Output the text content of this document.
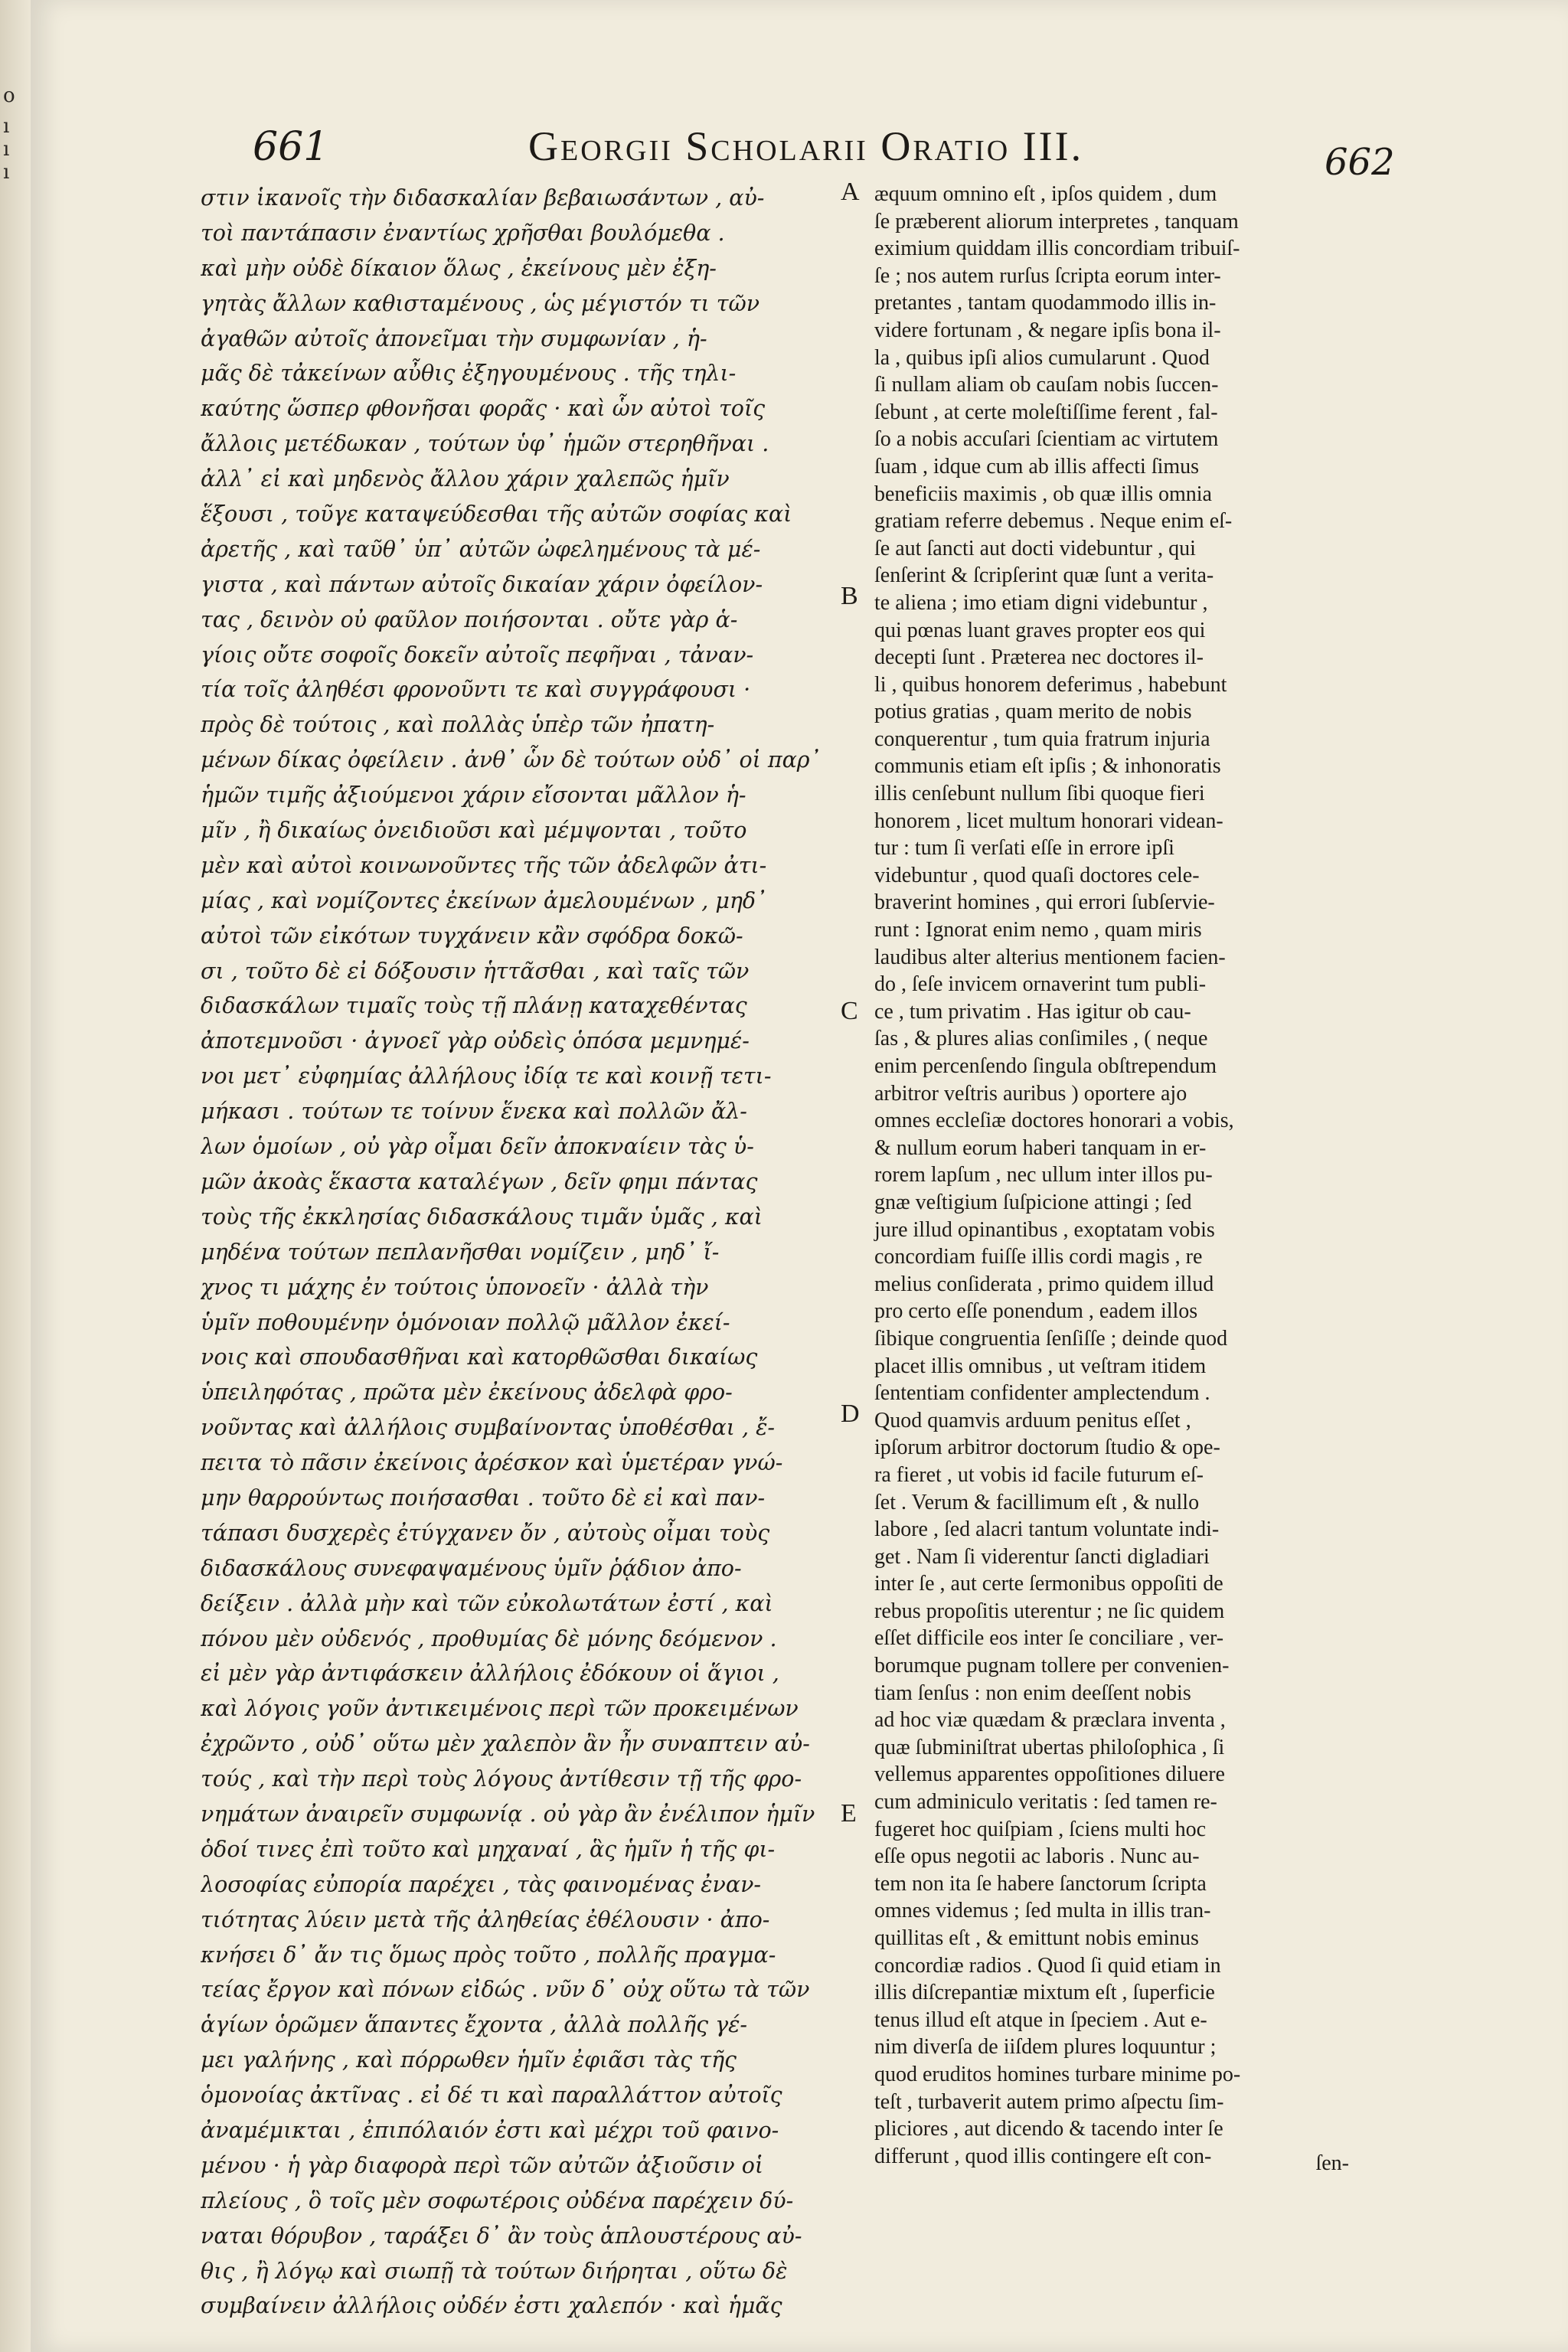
o
ı
ı
ı
661	Georgii Scholarii Oratio III.	662
στιν ἱκανοῖς τὴν διδασκαλίαν βεβαιωσάντων , αὐ-
τοὶ παντάπασιν ἐναντίως χρῆσθαι βουλόμεθα .
καὶ μὴν οὐδὲ δίκαιον ὅλως , ἐκείνους μὲν ἐξη-
γητὰς ἄλλων καθισταμένους , ὡς μέγιστόν τι τῶν
ἀγαθῶν αὐτοῖς ἀπονεῖμαι τὴν συμφωνίαν , ἡ-
μᾶς δὲ τἀκείνων αὖθις ἐξηγουμένους . τῆς τηλι-
καύτης ὥσπερ φθονῆσαι φορᾶς · καὶ ὧν αὐτοὶ τοῖς
ἄλλοις μετέδωκαν , τούτων ὑφ᾽ ἡμῶν στερηθῆναι .
ἀλλ᾽ εἰ καὶ μηδενὸς ἄλλου χάριν χαλεπῶς ἡμῖν
ἕξουσι , τοῦγε καταψεύδεσθαι τῆς αὐτῶν σοφίας καὶ
ἀρετῆς , καὶ ταῦθ᾽ ὑπ᾽ αὐτῶν ὠφελημένους τὰ μέ-
γιστα , καὶ πάντων αὐτοῖς δικαίαν χάριν ὀφείλον-
τας , δεινὸν οὐ φαῦλον ποιήσονται . οὔτε γὰρ ἁ-
γίοις οὔτε σοφοῖς δοκεῖν αὐτοῖς πεφῆναι , τἀναν-
τία τοῖς ἀληθέσι φρονοῦντι τε καὶ συγγράφουσι ·
πρὸς δὲ τούτοις , καὶ πολλὰς ὑπὲρ τῶν ἠπατη-
μένων δίκας ὀφείλειν . ἀνθ᾽ ὧν δὲ τούτων οὐδ᾽ οἱ παρ᾽
ἡμῶν τιμῆς ἀξιούμενοι χάριν εἴσονται μᾶλλον ἡ-
μῖν , ἢ δικαίως ὀνειδιοῦσι καὶ μέμψονται , τοῦτο
μὲν καὶ αὐτοὶ κοινωνοῦντες τῆς τῶν ἀδελφῶν ἀτι-
μίας , καὶ νομίζοντες ἐκείνων ἀμελουμένων , μηδ᾽
αὐτοὶ τῶν εἰκότων τυγχάνειν κἂν σφόδρα δοκῶ-
σι , τοῦτο δὲ εἰ δόξουσιν ἡττᾶσθαι , καὶ ταῖς τῶν
διδασκάλων τιμαῖς τοὺς τῇ πλάνῃ καταχεθέντας
ἀποτεμνοῦσι · ἀγνοεῖ γὰρ οὐδεὶς ὁπόσα μεμνημέ-
νοι μετ᾽ εὐφημίας ἀλλήλους ἰδίᾳ τε καὶ κοινῇ τετι-
μήκασι . τούτων τε τοίνυν ἕνεκα καὶ πολλῶν ἄλ-
λων ὁμοίων , οὐ γὰρ οἶμαι δεῖν ἀποκναίειν τὰς ὑ-
μῶν ἀκοὰς ἕκαστα καταλέγων , δεῖν φημι πάντας
τοὺς τῆς ἐκκλησίας διδασκάλους τιμᾶν ὑμᾶς , καὶ
μηδένα τούτων πεπλανῆσθαι νομίζειν , μηδ᾽ ἴ-
χνος τι μάχης ἐν τούτοις ὑπονοεῖν · ἀλλὰ τὴν
ὑμῖν ποθουμένην ὁμόνοιαν πολλῷ μᾶλλον ἐκεί-
νοις καὶ σπουδασθῆναι καὶ κατορθῶσθαι δικαίως
ὑπειληφότας , πρῶτα μὲν ἐκείνους ἀδελφὰ φρο-
νοῦντας καὶ ἀλλήλοις συμβαίνοντας ὑποθέσθαι , ἔ-
πειτα τὸ πᾶσιν ἐκείνοις ἀρέσκον καὶ ὑμετέραν γνώ-
μην θαρρούντως ποιήσασθαι . τοῦτο δὲ εἰ καὶ παν-
τάπασι δυσχερὲς ἐτύγχανεν ὄν , αὐτοὺς οἶμαι τοὺς
διδασκάλους συνεφαψαμένους ὑμῖν ῥᾴδιον ἀπο-
δείξειν . ἀλλὰ μὴν καὶ τῶν εὐκολωτάτων ἐστί , καὶ
πόνου μὲν οὐδενός , προθυμίας δὲ μόνης δεόμενον .
εἰ μὲν γὰρ ἀντιφάσκειν ἀλλήλοις ἐδόκουν οἱ ἅγιοι ,
καὶ λόγοις γοῦν ἀντικειμένοις περὶ τῶν προκειμένων
ἐχρῶντο , οὐδ᾽ οὕτω μὲν χαλεπὸν ἂν ἦν συναπτειν αὐ-
τούς , καὶ τὴν περὶ τοὺς λόγους ἀντίθεσιν τῇ τῆς φρο-
νημάτων ἀναιρεῖν συμφωνίᾳ . οὐ γὰρ ἂν ἐνέλιπον ἡμῖν
ὁδοί τινες ἐπὶ τοῦτο καὶ μηχαναί , ἃς ἡμῖν ἡ τῆς φι-
λοσοφίας εὐπορία παρέχει , τὰς φαινομένας ἐναν-
τιότητας λύειν μετὰ τῆς ἀληθείας ἐθέλουσιν · ἀπο-
κνήσει δ᾽ ἄν τις ὅμως πρὸς τοῦτο , πολλῆς πραγμα-
τείας ἔργον καὶ πόνων εἰδώς . νῦν δ᾽ οὐχ οὕτω τὰ τῶν
ἁγίων ὁρῶμεν ἅπαντες ἔχοντα , ἀλλὰ πολλῆς γέ-
μει γαλήνης , καὶ πόρρωθεν ἡμῖν ἐφιᾶσι τὰς τῆς
ὁμονοίας ἀκτῖνας . εἰ δέ τι καὶ παραλλάττον αὐτοῖς
ἀναμέμικται , ἐπιπόλαιόν ἐστι καὶ μέχρι τοῦ φαινο-
μένου · ἡ γὰρ διαφορὰ περὶ τῶν αὐτῶν ἀξιοῦσιν οἱ
πλείους , ὃ τοῖς μὲν σοφωτέροις οὐδένα παρέχειν δύ-
ναται θόρυβον , ταράξει δ᾽ ἂν τοὺς ἁπλουστέρους αὐ-
θις , ἢ λόγῳ καὶ σιωπῇ τὰ τούτων διήρηται , οὕτω δὲ
συμβαίνειν ἀλλήλοις οὐδέν ἐστι χαλεπόν · καὶ ἡμᾶς
A
B
C
D
E
æquum omnino eſt , ipſos quidem , dum
ſe præberent aliorum interpretes , tanquam
eximium quiddam illis concordiam tribuiſ-
ſe ; nos autem rurſus ſcripta eorum inter-
pretantes , tantam quodammodo illis in-
videre fortunam , & negare ipſis bona il-
la , quibus ipſi alios cumularunt . Quod
ſi nullam aliam ob cauſam nobis ſuccen-
ſebunt , at certe moleſtiſſime ferent , fal-
ſo a nobis accuſari ſcientiam ac virtutem
ſuam , idque cum ab illis affecti ſimus
beneficiis maximis , ob quæ illis omnia
gratiam referre debemus . Neque enim eſ-
ſe aut ſancti aut docti videbuntur , qui
ſenſerint & ſcripſerint quæ ſunt a verita-
te aliena ; imo etiam digni videbuntur ,
qui pœnas luant graves propter eos qui
decepti ſunt . Præterea nec doctores il-
li , quibus honorem deferimus , habebunt
potius gratias , quam merito de nobis
conquerentur , tum quia fratrum injuria
communis etiam eſt ipſis ; & inhonoratis
illis cenſebunt nullum ſibi quoque fieri
honorem , licet multum honorari videan-
tur : tum ſi verſati eſſe in errore ipſi
videbuntur , quod quaſi doctores cele-
braverint homines , qui errori ſubſervie-
runt : Ignorat enim nemo , quam miris
laudibus alter alterius mentionem facien-
do , ſeſe invicem ornaverint tum publi-
ce , tum privatim . Has igitur ob cau-
ſas , & plures alias conſimiles , ( neque
enim percenſendo ſingula obſtrependum
arbitror veſtris auribus ) oportere ajo
omnes eccleſiæ doctores honorari a vobis,
& nullum eorum haberi tanquam in er-
rorem lapſum , nec ullum inter illos pu-
gnæ veſtigium ſuſpicione attingi ; ſed
jure illud opinantibus , exoptatam vobis
concordiam fuiſſe illis cordi magis , re
melius conſiderata , primo quidem illud
pro certo eſſe ponendum , eadem illos
ſibique congruentia ſenſiſſe ; deinde quod
placet illis omnibus , ut veſtram itidem
ſententiam confidenter amplectendum .
Quod quamvis arduum penitus eſſet ,
ipſorum arbitror doctorum ſtudio & ope-
ra fieret , ut vobis id facile futurum eſ-
ſet . Verum & facillimum eſt , & nullo
labore , ſed alacri tantum voluntate indi-
get . Nam ſi viderentur ſancti digladiari
inter ſe , aut certe ſermonibus oppoſiti de
rebus propoſitis uterentur ; ne ſic quidem
eſſet difficile eos inter ſe conciliare , ver-
borumque pugnam tollere per convenien-
tiam ſenſus : non enim deeſſent nobis
ad hoc viæ quædam & præclara inventa ,
quæ ſubminiſtrat ubertas philoſophica , ſi
vellemus apparentes oppoſitiones diluere
cum adminiculo veritatis : ſed tamen re-
fugeret hoc quiſpiam , ſciens multi hoc
eſſe opus negotii ac laboris . Nunc au-
tem non ita ſe habere ſanctorum ſcripta
omnes videmus ; ſed multa in illis tran-
quillitas eſt , & emittunt nobis eminus
concordiæ radios . Quod ſi quid etiam in
illis diſcrepantiæ mixtum eſt , ſuperficie
tenus illud eſt atque in ſpeciem . Aut e-
nim diverſa de iiſdem plures loquuntur ;
quod eruditos homines turbare minime po-
teſt , turbaverit autem primo aſpectu ſim-
pliciores , aut dicendo & tacendo inter ſe
differunt , quod illis contingere eſt con-	ſen-
